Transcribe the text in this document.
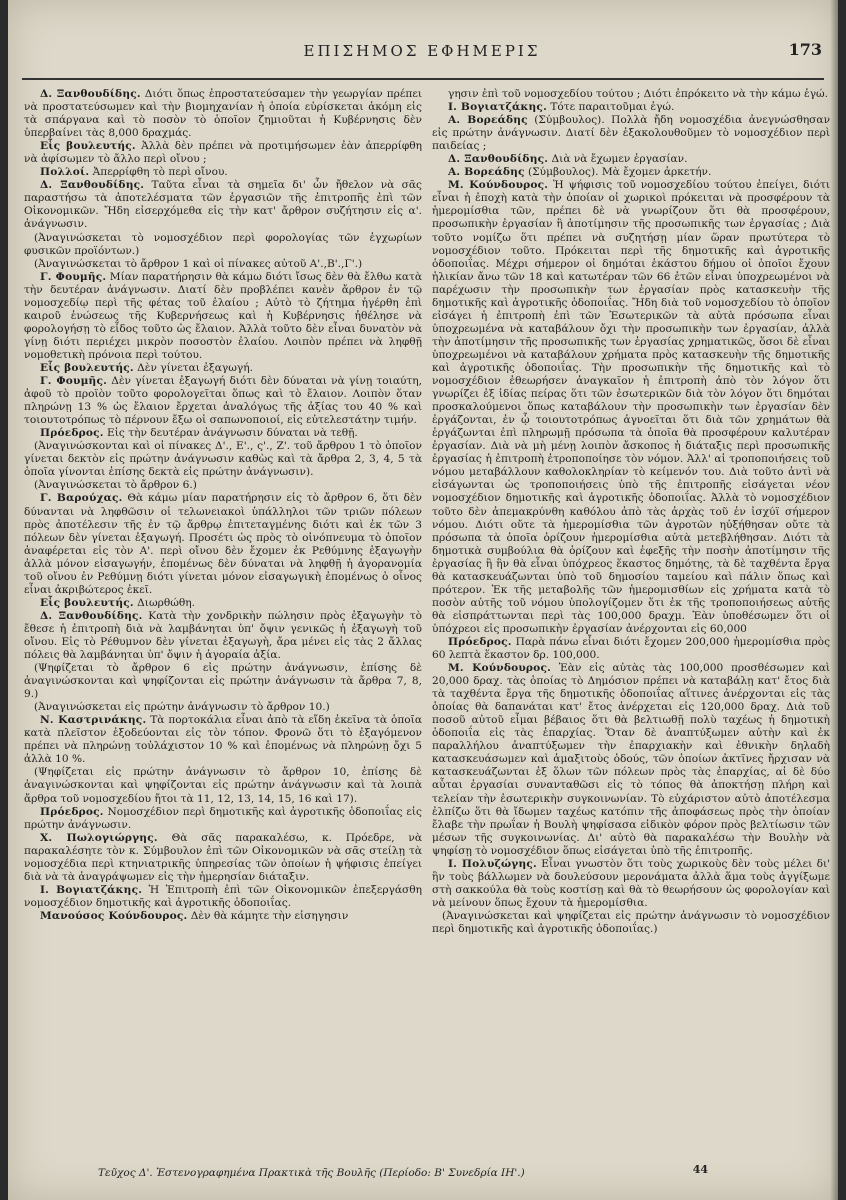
ΕΠΙΣΗΜΟΣ ΕΦΗΜΕΡΙΣ	173

Δ. Ξανθουδίδης. Διότι ὅπως ἐπροστατεύσαμεν τὴν γεωργίαν πρέπει νὰ προστατεύσωμεν καὶ τὴν βιομηχανίαν ἡ ὁποία εὑρίσκεται ἀκόμη εἰς τὰ σπάργανα καὶ τὸ ποσὸν τὸ ὁποῖον ζημιοῦται ἡ Κυβέρνησις δὲν ὑπερβαίνει τὰς 8,000 δραχμάς.

Εἷς βουλευτής. Ἀλλὰ δὲν πρέπει νὰ προτιμήσωμεν ἐὰν ἀπερρίφθη νὰ ἀφίσωμεν τὸ ἄλλο περὶ οἴνου ;

Πολλοί. Ἀπερρίφθη τὸ περὶ οἴνου.

Δ. Ξανθουδίδης. Ταῦτα εἶναι τὰ σημεῖα δι' ὧν ἤθελον νὰ σᾶς παραστήσω τὰ ἀποτελέσματα τῶν ἐργασιῶν τῆς ἐπιτροπῆς ἐπὶ τῶν Οἰκονομικῶν. Ἤδη εἰσερχόμεθα εἰς τὴν κατ' ἄρθρον συζήτησιν εἰς α'. ἀνάγνωσιν.

(Ἀναγινώσκεται τὸ νομοσχέδιον περὶ φορολογίας τῶν ἐγχωρίων φυσικῶν προϊόντων.)

(Ἀναγινώσκεται τὸ ἄρθρον 1 καὶ οἱ πίνακες αὐτοῦ Α'.,Β'.,Γ'.)

Γ. Φουμῆς. Μίαν παρατήρησιν θὰ κάμω διότι ἴσως δὲν θὰ ἔλθω κατὰ τὴν δευτέραν ἀνάγνωσιν. Διατί δὲν προβλέπει κανὲν ἄρθρον ἐν τῷ νομοσχεδίῳ περὶ τῆς φέτας τοῦ ἐλαίου ; Αὐτὸ τὸ ζήτημα ἠγέρθη ἐπὶ καιροῦ ἑνώσεως τῆς Κυβερνήσεως καὶ ἡ Κυβέρνησις ἠθέλησε νὰ φορολογήσῃ τὸ εἶδος τοῦτο ὡς ἔλαιον. Ἀλλὰ τοῦτο δὲν εἶναι δυνατὸν νὰ γίνῃ διότι περιέχει μικρὸν ποσοστὸν ἐλαίου. Λοιπὸν πρέπει νὰ ληφθῇ νομοθετικὴ πρόνοια περὶ τούτου.

Εἷς βουλευτής. Δὲν γίνεται ἐξαγωγή.

Γ. Φουμῆς. Δὲν γίνεται ἐξαγωγή διότι δὲν δύναται νὰ γίνῃ τοιαύτη, ἀφοῦ τὸ προϊὸν τοῦτο φορολογεῖται ὅπως καὶ τὸ ἔλαιον. Λοιπὸν ὅταν πληρώνῃ 13 % ὡς ἔλαιον ἔρχεται ἀναλόγως τῆς ἀξίας του 40 % καὶ τοιουτοτρόπως τὸ πέρνουν ἔξω οἱ σαπωνοποιοί, εἰς εὐτελεστάτην τιμήν.

Πρόεδρος. Εἰς τὴν δευτέραν ἀνάγνωσιν δύναται νὰ τεθῇ.

(Ἀναγινώσκονται καὶ οἱ πίνακες Δ'., Ε'., ς'., Ζ'. τοῦ ἄρθρου 1 τὸ ὁποῖον γίνεται δεκτὸν εἰς πρώτην ἀνάγνωσιν καθὼς καὶ τὰ ἄρθρα 2, 3, 4, 5 τὰ ὁποῖα γίνονται ἐπίσης δεκτὰ εἰς πρώτην ἀνάγνωσιν).

(Ἀναγινώσκεται τὸ ἄρθρον 6.)

Γ. Βαρούχας. Θὰ κάμω μίαν παρατήρησιν εἰς τὸ ἄρθρον 6, ὅτι δὲν δύνανται νὰ ληφθῶσιν οἱ τελωνειακοὶ ὑπάλληλοι τῶν τριῶν πόλεων πρὸς ἀποτέλεσιν τῆς ἐν τῷ ἄρθρῳ ἐπιτεταγμένης διότι καὶ ἐκ τῶν 3 πόλεων δὲν γίνεται ἐξαγωγή. Προσέτι ὡς πρὸς τὸ οἰνόπνευμα τὸ ὁποῖον ἀναφέρεται εἰς τὸν Α'. περὶ οἴνου δὲν ἔχομεν ἐκ Ρεθύμνης ἐξαγωγὴν ἀλλὰ μόνον εἰσαγωγήν, ἐπομένως δὲν δύναται νὰ ληφθῇ ἡ ἀγορανομία τοῦ οἴνου ἐν Ρεθύμνῃ διότι γίνεται μόνον εἰσαγωγικὴ ἐπομένως ὁ οἶνος εἶναι ἀκριβώτερος ἐκεῖ.

Εἷς βουλευτής. Διωρθώθη.

Δ. Ξανθουδίδης. Κατὰ τὴν χονδρικὴν πώλησιν πρὸς ἐξαγωγὴν τὸ ἔθεσε ἡ ἐπιτροπὴ διὰ νὰ λαμβάνηται ὑπ' ὄψιν γενικῶς ἡ ἐξαγωγὴ τοῦ οἴνου. Εἰς τὸ Ρέθυμνον δὲν γίνεται ἐξαγωγὴ, ἄρα μένει εἰς τὰς 2 ἄλλας πόλεις θὰ λαμβάνηται ὑπ' ὄψιν ἡ ἀγοραία ἀξία.

(Ψηφίζεται τὸ ἄρθρον 6 εἰς πρώτην ἀνάγνωσιν, ἐπίσης δὲ ἀναγινώσκονται καὶ ψηφίζονται εἰς πρώτην ἀνάγνωσιν τὰ ἄρθρα 7, 8, 9.)

(Ἀναγινώσκεται εἰς πρώτην ἀνάγνωσιν τὸ ἄρθρον 10.)

Ν. Καστρινάκης. Τὰ πορτοκάλια εἶναι ἀπὸ τὰ εἴδη ἐκεῖνα τὰ ὁποῖα κατὰ πλεῖστον ἐξοδεύονται εἰς τὸν τόπον. Φρονῶ ὅτι τὸ ἐξαγόμενον πρέπει νὰ πληρώνῃ τοὐλάχιστον 10 % καὶ ἐπομένως νὰ πληρώνῃ ὄχι 5 ἀλλὰ 10 %.

(Ψηφίζεται εἰς πρώτην ἀνάγνωσιν τὸ ἄρθρον 10, ἐπίσης δὲ ἀναγινώσκονται καὶ ψηφίζονται εἰς πρώτην ἀνάγνωσιν καὶ τὰ λοιπὰ ἄρθρα τοῦ νομοσχεδίου ἤτοι τὰ 11, 12, 13, 14, 15, 16 καὶ 17).

Πρόεδρος. Νομοσχέδιον περὶ δημοτικῆς καὶ ἀγροτικῆς ὁδοποιΐας εἰς πρώτην ἀνάγνωσιν.

Χ. Πωλογιώργης. Θὰ σᾶς παρακαλέσω, κ. Πρόεδρε, νὰ παρακαλέσητε τὸν κ. Σύμβουλον ἐπὶ τῶν Οἰκονομικῶν νὰ σᾶς στείλῃ τὰ νομοσχέδια περὶ κτηνιατρικῆς ὑπηρεσίας τῶν ὁποίων ἡ ψήφισις ἐπείγει διὰ νὰ τὰ ἀναγράψωμεν εἰς τὴν ἡμερησίαν διάταξιν.

Ι. Βογιατζάκης. Ἡ Ἐπιτροπὴ ἐπὶ τῶν Οἰκονομικῶν ἐπεξεργάσθη νομοσχέδιον δημοτικῆς καὶ ἀγροτικῆς ὁδοποιΐας.

Μανούσος Κούνδουρος. Δὲν θὰ κάμητε τὴν εἰσηγησιν

γησιν ἐπὶ τοῦ νομοσχεδίου τούτου ; Διότι ἐπρόκειτο νὰ τὴν κάμω ἐγώ.

Ι. Βογιατζάκης. Τότε παραιτοῦμαι ἐγώ.

Α. Βορεάδης (Σύμβουλος). Πολλὰ ἤδη νομοσχέδια ἀνεγνώσθησαν εἰς πρώτην ἀνάγνωσιν. Διατί δὲν ἐξακολουθοῦμεν τὸ νομοσχέδιον περὶ παιδείας ;

Δ. Ξανθουδίδης. Διὰ νὰ ἔχωμεν ἐργασίαν.

Α. Βορεάδης (Σύμβουλος). Μὰ ἔχομεν ἀρκετήν.

Μ. Κούνδουρος. Ἡ ψήφισις τοῦ νομοσχεδίου τούτου ἐπείγει, διότι εἶναι ἡ ἐποχὴ κατὰ τὴν ὁποίαν οἱ χωρικοὶ πρόκειται νὰ προσφέρουν τὰ ἡμερομίσθια τῶν, πρέπει δὲ νὰ γνωρίζουν ὅτι θὰ προσφέρουν, προσωπικὴν ἐργασίαν ἢ ἀποτίμησιν τῆς προσωπικῆς των ἐργασίας ; Διὰ τοῦτο νομίζω ὅτι πρέπει νὰ συζητήσῃ μίαν ὥραν πρωτύτερα τὸ νομοσχέδιον τοῦτο. Πρόκειται περὶ τῆς δημοτικῆς καὶ ἀγροτικῆς ὁδοποιΐας. Μέχρι σήμερον οἱ δημόται ἑκάστου δήμου οἱ ὁποῖοι ἔχουν ἡλικίαν ἄνω τῶν 18 καὶ κατωτέραν τῶν 66 ἐτῶν εἶναι ὑποχρεωμένοι νὰ παρέχωσιν τὴν προσωπικὴν των ἐργασίαν πρὸς κατασκευὴν τῆς δημοτικῆς καὶ ἀγροτικῆς ὁδοποιΐας. Ἤδη διὰ τοῦ νομοσχεδίου τὸ ὁποῖον εἰσάγει ἡ ἐπιτροπὴ ἐπὶ τῶν Ἐσωτερικῶν τὰ αὐτὰ πρόσωπα εἶναι ὑποχρεωμένα νὰ καταβάλουν ὄχι τὴν προσωπικὴν των ἐργασίαν, ἀλλὰ τὴν ἀποτίμησιν τῆς προσωπικῆς των ἐργασίας χρηματικῶς, ὅσοι δὲ εἶναι ὑποχρεωμένοι νὰ καταβάλουν χρήματα πρὸς κατασκευὴν τῆς δημοτικῆς καὶ ἀγροτικῆς ὁδοποιΐας. Τὴν προσωπικὴν τῆς δημοτικῆς καὶ τὸ νομοσχέδιον ἐθεωρήσεν ἀναγκαῖον ἡ ἐπιτροπὴ ἀπὸ τὸν λόγον ὅτι γνωρίζει ἐξ ἰδίας πείρας ὅτι τῶν ἐσωτερικῶν διὰ τὸν λόγον ὅτι δημόται προσκαλούμενοι ὅπως καταβάλουν τὴν προσωπικὴν των ἐργασίαν δὲν ἐργάζονται, ἐν ᾧ τοιουτοτρόπως ἀγνοεῖται ὅτι διὰ τῶν χρημάτων θὰ ἐργάζωνται ἐπὶ πληρωμῇ πρόσωπα τὰ ὁποῖα θὰ προσφέρουν καλυτέραν ἐργασίαν. Διὰ νὰ μὴ μένῃ λοιπὸν ἄσκοπος ἡ διάταξις περὶ προσωπικῆς ἐργασίας ἡ ἐπιτροπὴ ἐτροποποίησε τὸν νόμον. Ἀλλ' αἱ τροποποιήσεις τοῦ νόμου μεταβάλλουν καθολοκληρίαν τὸ κείμενόν του. Διὰ τοῦτο ἀντὶ νὰ εἰσάγωνται ὡς τροποποιήσεις ὑπὸ τῆς ἐπιτροπῆς εἰσάγεται νέον νομοσχέδιον δημοτικῆς καὶ ἀγροτικῆς ὁδοποιΐας. Ἀλλὰ τὸ νομοσχέδιον τοῦτο δὲν ἀπεμακρύνθη καθόλου ἀπὸ τὰς ἀρχὰς τοῦ ἐν ἰσχύϊ σήμερον νόμου. Διότι οὔτε τὰ ἡμερομίσθια τῶν ἀγροτῶν ηὐξήθησαν οὔτε τὰ πρόσωπα τὰ ὁποῖα ὁρίζουν ἡμερομίσθια αὐτὰ μετεβλήθησαν. Διότι τὰ δημοτικὰ συμβούλια θὰ ὁρίζουν καὶ ἐφεξῆς τὴν ποσὴν ἀποτίμησιν τῆς ἐργασίας ἢ ἣν θὰ εἶναι ὑπόχρεος ἕκαστος δημότης, τὰ δὲ ταχθέντα ἔργα θὰ κατασκευάζωνται ὑπὸ τοῦ δημοσίου ταμείου καὶ πάλιν ὅπως καὶ πρότερον. Ἐκ τῆς μεταβολῆς τῶν ἡμερομισθίων εἰς χρήματα κατὰ τὸ ποσὸν αὐτῆς τοῦ νόμου ὑπολογίζομεν ὅτι ἐκ τῆς τροποποιήσεως αὐτῆς θὰ εἰσπράττωνται περὶ τὰς 100,000 δραχμ. Ἐὰν ὑποθέσωμεν ὅτι οἱ ὑπόχρεοι εἰς προσωπικὴν ἐργασίαν ἀνέρχονται εἰς 60,000

Πρόεδρος. Παρὰ πάνω εἶναι διότι ἔχομεν 200,000 ἡμερομίσθια πρὸς 60 λεπτὰ ἕκαστον δρ. 100,000.

Μ. Κούνδουρος. Ἐὰν εἰς αὐτὰς τὰς 100,000 προσθέσωμεν καὶ 20,000 δραχ. τὰς ὁποίας τὸ Δημόσιον πρέπει νὰ καταβάλῃ κατ' ἔτος διὰ τὰ ταχθέντα ἔργα τῆς δημοτικῆς ὁδοποιΐας αἵτινες ἀνέρχονται εἰς τὰς ὁποίας θὰ δαπανάται κατ' ἔτος ἀνέρχεται εἰς 120,000 δραχ. Διὰ τοῦ ποσοῦ αὐτοῦ εἶμαι βέβαιος ὅτι θὰ βελτιωθῇ πολὺ ταχέως ἡ δημοτικὴ ὁδοποιΐα εἰς τὰς ἐπαρχίας. Ὅταν δὲ ἀναπτύξωμεν αὐτὴν καὶ ἐκ παραλλήλου ἀναπτύξωμεν τὴν ἐπαρχιακὴν καὶ ἐθνικὴν δηλαδὴ κατασκευάσωμεν καὶ ἁμαξιτοὺς ὁδούς, τῶν ὁποίων ἀκτῖνες ἤρχισαν νὰ κατασκευάζωνται ἐξ ὅλων τῶν πόλεων πρὸς τὰς ἐπαρχίας, αἱ δὲ δύο αὗται ἐργασίαι συνανταθῶσι εἰς τὸ τόπος θὰ ἀποκτήσῃ πλήρη καὶ τελείαν τὴν ἐσωτερικὴν συγκοινωνίαν. Τὸ εὐχάριστον αὐτὸ ἀποτέλεσμα ἐλπίζω ὅτι θὰ ἴδωμεν ταχέως κατόπιν τῆς ἀποφάσεως πρὸς τὴν ὁποίαν ἔλαβε τὴν πρωΐαν ἡ Βουλὴ ψηφίσασα εἰδικὸν φόρον πρὸς βελτίωσιν τῶν μέσων τῆς συγκοινωνίας. Δι' αὐτὸ θὰ παρακαλέσω τὴν Βουλὴν νὰ ψηφίσῃ τὸ νομοσχέδιον ὅπως εἰσάγεται ὑπὸ τῆς ἐπιτροπῆς.

Ι. Πολυζώγης. Εἶναι γνωστὸν ὅτι τοὺς χωρικοὺς δὲν τοὺς μέλει δι' ἣν τοὺς βάλλωμεν νὰ δουλεύσουν μερονάματα ἀλλὰ ἅμα τοὺς ἀγγίξωμε στὴ σακκούλα θὰ τοὺς κοστίσῃ καὶ θὰ τὸ θεωρήσουν ὡς φορολογίαν καὶ νὰ μείνουν ὅπως ἔχουν τὰ ἡμερομίσθια.

(Ἀναγινώσκεται καὶ ψηφίζεται εἰς πρώτην ἀνάγνωσιν τὸ νομοσχέδιον περὶ δημοτικῆς καὶ ἀγροτικῆς ὁδοποιΐας.)

Τεῦχος Δ'. Ἐστενογραφημένα Πρακτικὰ τῆς Βουλῆς (Περίοδο: Β' Συνεδρία ΙΗ'.)	44
